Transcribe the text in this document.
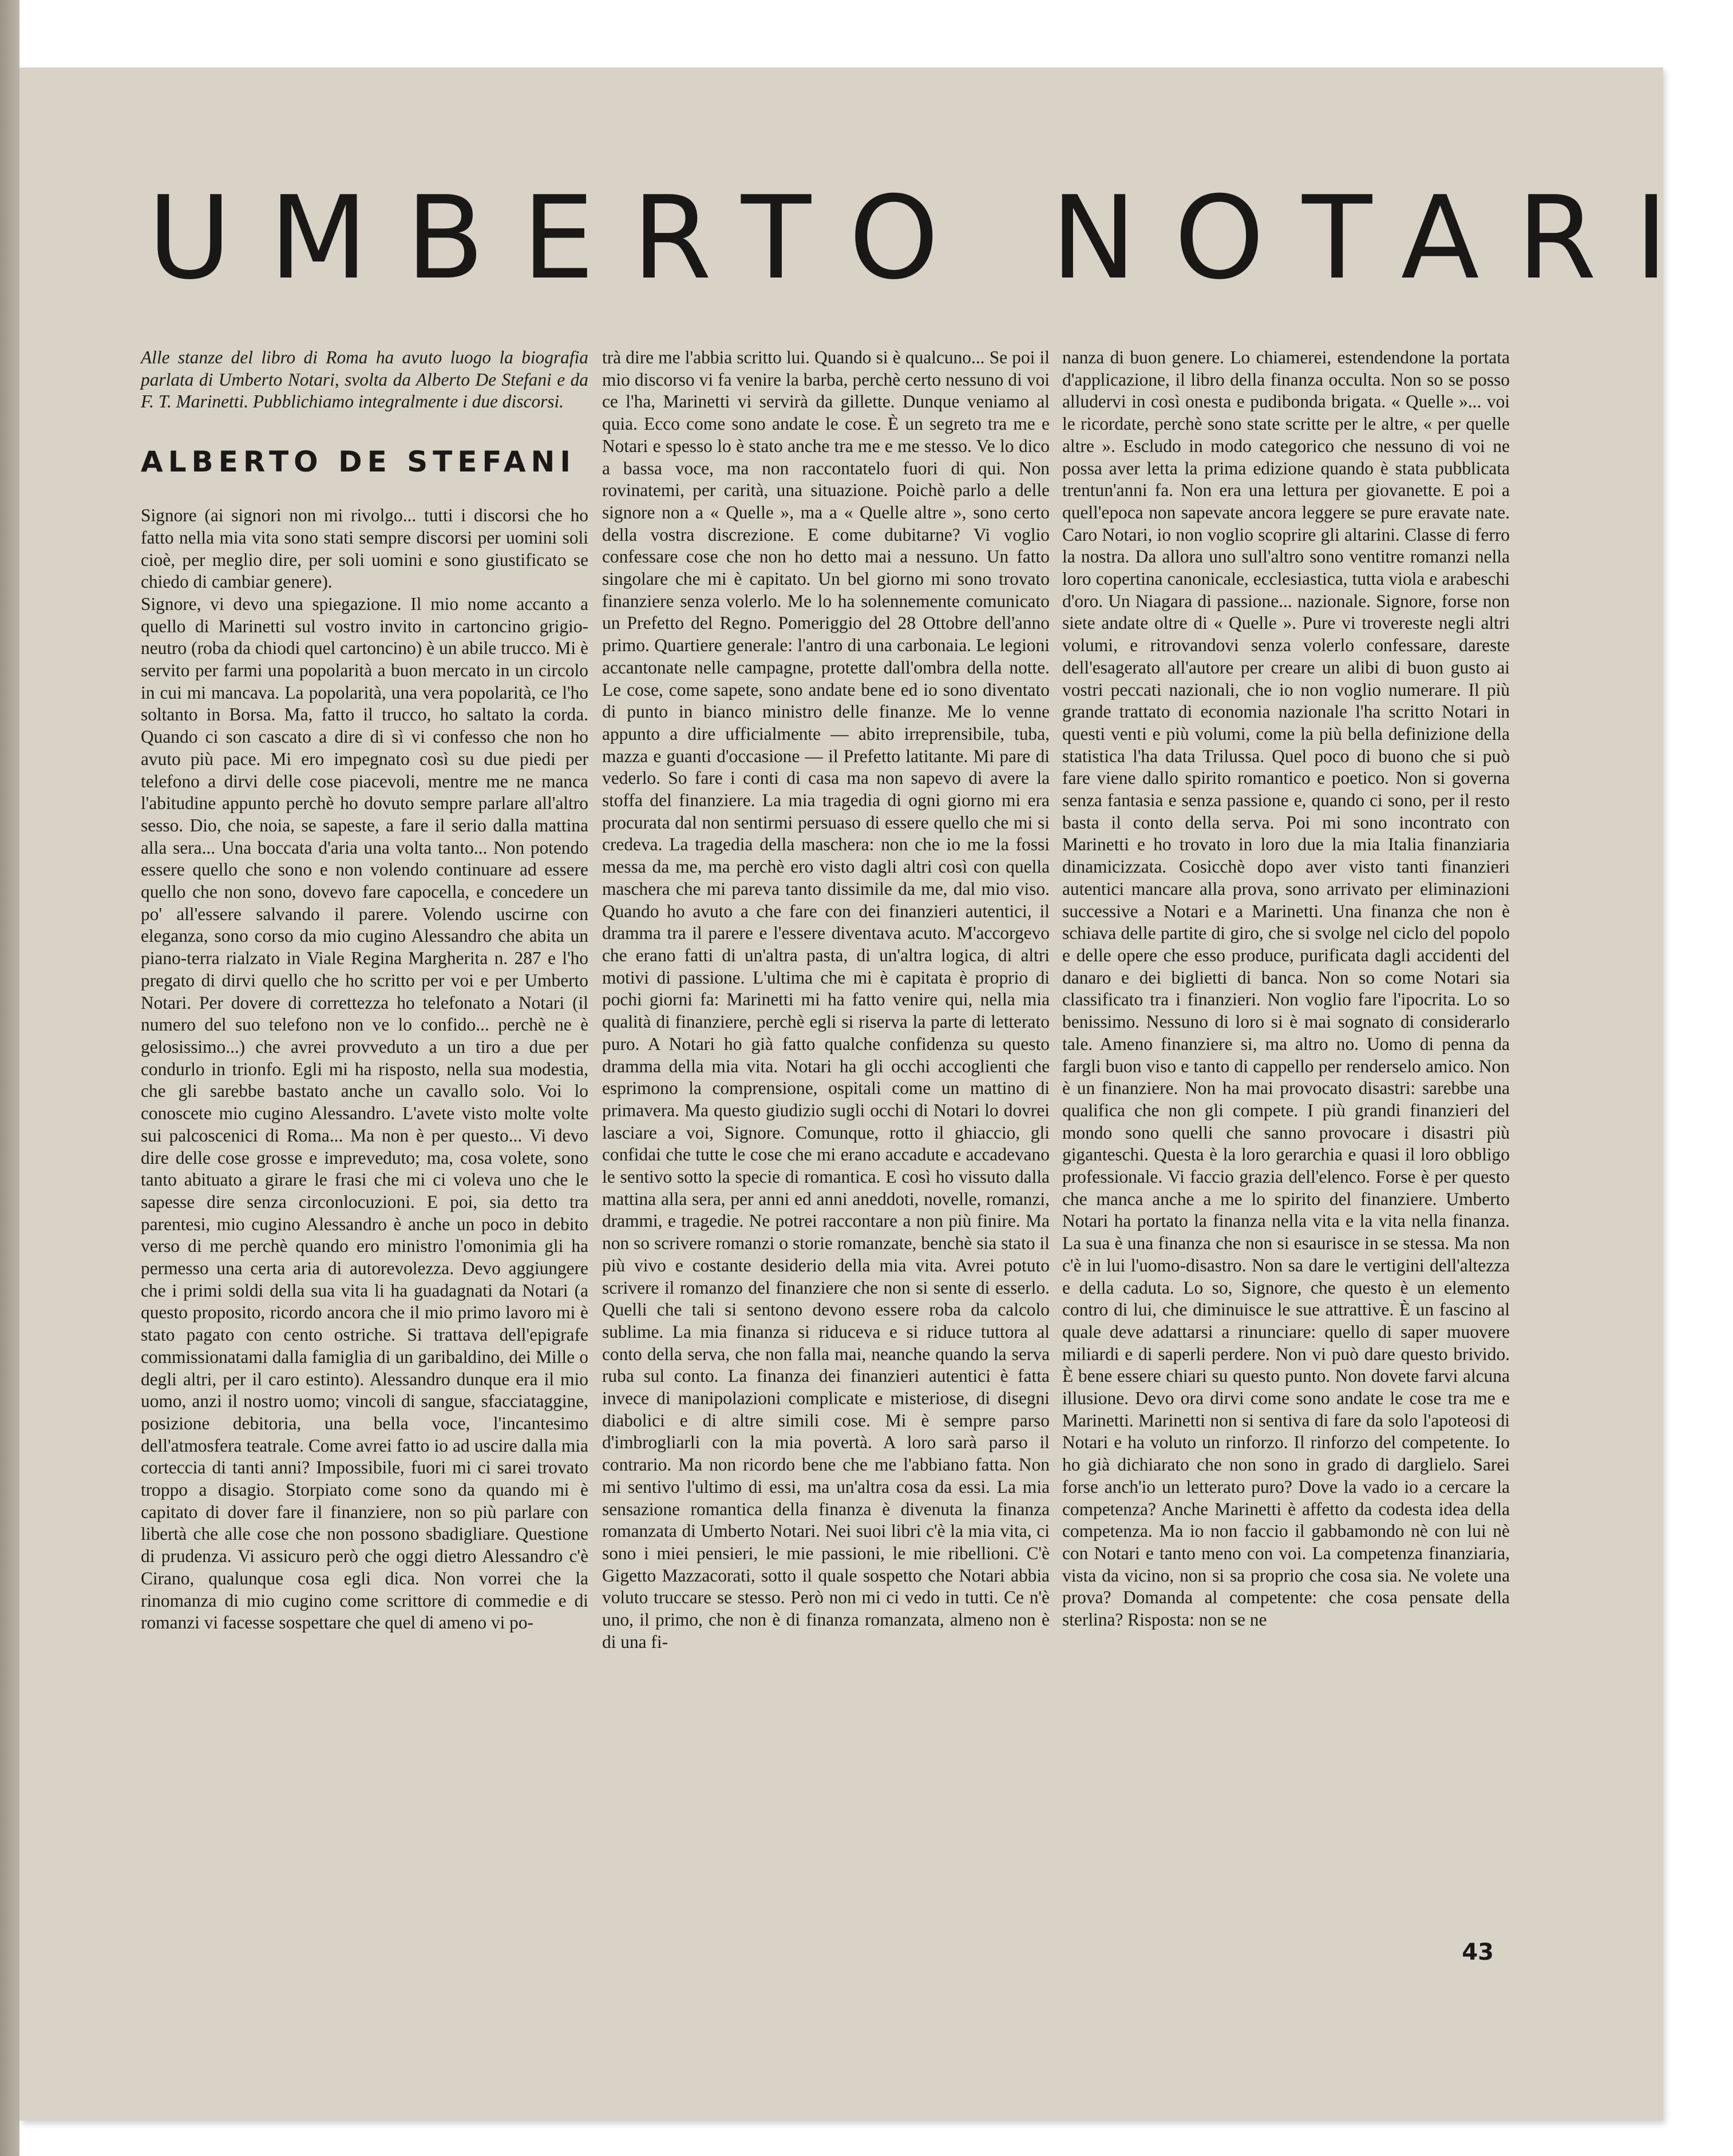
UMBERTO NOTARI

Alle stanze del libro di Roma ha avuto luogo la biografia parlata di Umberto Notari, svolta da Alberto De Stefani e da F. T. Marinetti. Pubblichiamo integralmente i due discorsi.

ALBERTO DE STEFANI

Signore (ai signori non mi rivolgo... tutti i discorsi che ho fatto nella mia vita sono stati sempre discorsi per uomini soli cioè, per meglio dire, per soli uomini e sono giustificato se chiedo di cambiar genere).

Signore, vi devo una spiegazione. Il mio nome accanto a quello di Marinetti sul vostro invito in cartoncino grigio-neutro (roba da chiodi quel cartoncino) è un abile trucco. Mi è servito per farmi una popolarità a buon mercato in un circolo in cui mi mancava. La popolarità, una vera popolarità, ce l'ho soltanto in Borsa. Ma, fatto il trucco, ho saltato la corda. Quando ci son cascato a dire di sì vi confesso che non ho avuto più pace. Mi ero impegnato così su due piedi per telefono a dirvi delle cose piacevoli, mentre me ne manca l'abitudine appunto perchè ho dovuto sempre parlare all'altro sesso. Dio, che noia, se sapeste, a fare il serio dalla mattina alla sera... Una boccata d'aria una volta tanto... Non potendo essere quello che sono e non volendo continuare ad essere quello che non sono, dovevo fare capocella, e concedere un po' all'essere salvando il parere. Volendo uscirne con eleganza, sono corso da mio cugino Alessandro che abita un piano-terra rialzato in Viale Regina Margherita n. 287 e l'ho pregato di dirvi quello che ho scritto per voi e per Umberto Notari. Per dovere di correttezza ho telefonato a Notari (il numero del suo telefono non ve lo confido... perchè ne è gelosissimo...) che avrei provveduto a un tiro a due per condurlo in trionfo. Egli mi ha risposto, nella sua modestia, che gli sarebbe bastato anche un cavallo solo. Voi lo conoscete mio cugino Alessandro. L'avete visto molte volte sui palcoscenici di Roma... Ma non è per questo... Vi devo dire delle cose grosse e impreveduto; ma, cosa volete, sono tanto abituato a girare le frasi che mi ci voleva uno che le sapesse dire senza circonlocuzioni. E poi, sia detto tra parentesi, mio cugino Alessandro è anche un poco in debito verso di me perchè quando ero ministro l'omonimia gli ha permesso una certa aria di autorevolezza. Devo aggiungere che i primi soldi della sua vita li ha guadagnati da Notari (a questo proposito, ricordo ancora che il mio primo lavoro mi è stato pagato con cento ostriche. Si trattava dell'epigrafe commissionatami dalla famiglia di un garibaldino, dei Mille o degli altri, per il caro estinto). Alessandro dunque era il mio uomo, anzi il nostro uomo; vincoli di sangue, sfacciataggine, posizione debitoria, una bella voce, l'incantesimo dell'atmosfera teatrale. Come avrei fatto io ad uscire dalla mia corteccia di tanti anni? Impossibile, fuori mi ci sarei trovato troppo a disagio. Storpiato come sono da quando mi è capitato di dover fare il finanziere, non so più parlare con libertà che alle cose che non possono sbadigliare. Questione di prudenza. Vi assicuro però che oggi dietro Alessandro c'è Cirano, qualunque cosa egli dica. Non vorrei che la rinomanza di mio cugino come scrittore di commedie e di romanzi vi facesse sospettare che quel di ameno vi po-

trà dire me l'abbia scritto lui. Quando si è qualcuno... Se poi il mio discorso vi fa venire la barba, perchè certo nessuno di voi ce l'ha, Marinetti vi servirà da gillette. Dunque veniamo al quia. Ecco come sono andate le cose. È un segreto tra me e Notari e spesso lo è stato anche tra me e me stesso. Ve lo dico a bassa voce, ma non raccontatelo fuori di qui. Non rovinatemi, per carità, una situazione. Poichè parlo a delle signore non a « Quelle », ma a « Quelle altre », sono certo della vostra discrezione. E come dubitarne? Vi voglio confessare cose che non ho detto mai a nessuno. Un fatto singolare che mi è capitato. Un bel giorno mi sono trovato finanziere senza volerlo. Me lo ha solennemente comunicato un Prefetto del Regno. Pomeriggio del 28 Ottobre dell'anno primo. Quartiere generale: l'antro di una carbonaia. Le legioni accantonate nelle campagne, protette dall'ombra della notte. Le cose, come sapete, sono andate bene ed io sono diventato di punto in bianco ministro delle finanze. Me lo venne appunto a dire ufficialmente — abito irreprensibile, tuba, mazza e guanti d'occasione — il Prefetto latitante. Mi pare di vederlo. So fare i conti di casa ma non sapevo di avere la stoffa del finanziere. La mia tragedia di ogni giorno mi era procurata dal non sentirmi persuaso di essere quello che mi si credeva. La tragedia della maschera: non che io me la fossi messa da me, ma perchè ero visto dagli altri così con quella maschera che mi pareva tanto dissimile da me, dal mio viso. Quando ho avuto a che fare con dei finanzieri autentici, il dramma tra il parere e l'essere diventava acuto. M'accorgevo che erano fatti di un'altra pasta, di un'altra logica, di altri motivi di passione. L'ultima che mi è capitata è proprio di pochi giorni fa: Marinetti mi ha fatto venire qui, nella mia qualità di finanziere, perchè egli si riserva la parte di letterato puro. A Notari ho già fatto qualche confidenza su questo dramma della mia vita. Notari ha gli occhi accoglienti che esprimono la comprensione, ospitali come un mattino di primavera. Ma questo giudizio sugli occhi di Notari lo dovrei lasciare a voi, Signore. Comunque, rotto il ghiaccio, gli confidai che tutte le cose che mi erano accadute e accadevano le sentivo sotto la specie di romantica. E così ho vissuto dalla mattina alla sera, per anni ed anni aneddoti, novelle, romanzi, drammi, e tragedie. Ne potrei raccontare a non più finire. Ma non so scrivere romanzi o storie romanzate, benchè sia stato il più vivo e costante desiderio della mia vita. Avrei potuto scrivere il romanzo del finanziere che non si sente di esserlo. Quelli che tali si sentono devono essere roba da calcolo sublime. La mia finanza si riduceva e si riduce tuttora al conto della serva, che non falla mai, neanche quando la serva ruba sul conto. La finanza dei finanzieri autentici è fatta invece di manipolazioni complicate e misteriose, di disegni diabolici e di altre simili cose. Mi è sempre parso d'imbrogliarli con la mia povertà. A loro sarà parso il contrario. Ma non ricordo bene che me l'abbiano fatta. Non mi sentivo l'ultimo di essi, ma un'altra cosa da essi. La mia sensazione romantica della finanza è divenuta la finanza romanzata di Umberto Notari. Nei suoi libri c'è la mia vita, ci sono i miei pensieri, le mie passioni, le mie ribellioni. C'è Gigetto Mazzacorati, sotto il quale sospetto che Notari abbia voluto truccare se stesso. Però non mi ci vedo in tutti. Ce n'è uno, il primo, che non è di finanza romanzata, almeno non è di una fi-

nanza di buon genere. Lo chiamerei, estendendone la portata d'applicazione, il libro della finanza occulta. Non so se posso alludervi in così onesta e pudibonda brigata. « Quelle »... voi le ricordate, perchè sono state scritte per le altre, « per quelle altre ». Escludo in modo categorico che nessuno di voi ne possa aver letta la prima edizione quando è stata pubblicata trentun'anni fa. Non era una lettura per giovanette. E poi a quell'epoca non sapevate ancora leggere se pure eravate nate. Caro Notari, io non voglio scoprire gli altarini. Classe di ferro la nostra. Da allora uno sull'altro sono ventitre romanzi nella loro copertina canonicale, ecclesiastica, tutta viola e arabeschi d'oro. Un Niagara di passione... nazionale. Signore, forse non siete andate oltre di « Quelle ». Pure vi trovereste negli altri volumi, e ritrovandovi senza volerlo confessare, dareste dell'esagerato all'autore per creare un alibi di buon gusto ai vostri peccati nazionali, che io non voglio numerare. Il più grande trattato di economia nazionale l'ha scritto Notari in questi venti e più volumi, come la più bella definizione della statistica l'ha data Trilussa. Quel poco di buono che si può fare viene dallo spirito romantico e poetico. Non si governa senza fantasia e senza passione e, quando ci sono, per il resto basta il conto della serva. Poi mi sono incontrato con Marinetti e ho trovato in loro due la mia Italia finanziaria dinamicizzata. Cosicchè dopo aver visto tanti finanzieri autentici mancare alla prova, sono arrivato per eliminazioni successive a Notari e a Marinetti. Una finanza che non è schiava delle partite di giro, che si svolge nel ciclo del popolo e delle opere che esso produce, purificata dagli accidenti del danaro e dei biglietti di banca. Non so come Notari sia classificato tra i finanzieri. Non voglio fare l'ipocrita. Lo so benissimo. Nessuno di loro si è mai sognato di considerarlo tale. Ameno finanziere si, ma altro no. Uomo di penna da fargli buon viso e tanto di cappello per renderselo amico. Non è un finanziere. Non ha mai provocato disastri: sarebbe una qualifica che non gli compete. I più grandi finanzieri del mondo sono quelli che sanno provocare i disastri più giganteschi. Questa è la loro gerarchia e quasi il loro obbligo professionale. Vi faccio grazia dell'elenco. Forse è per questo che manca anche a me lo spirito del finanziere. Umberto Notari ha portato la finanza nella vita e la vita nella finanza. La sua è una finanza che non si esaurisce in se stessa. Ma non c'è in lui l'uomo-disastro. Non sa dare le vertigini dell'altezza e della caduta. Lo so, Signore, che questo è un elemento contro di lui, che diminuisce le sue attrattive. È un fascino al quale deve adattarsi a rinunciare: quello di saper muovere miliardi e di saperli perdere. Non vi può dare questo brivido. È bene essere chiari su questo punto. Non dovete farvi alcuna illusione. Devo ora dirvi come sono andate le cose tra me e Marinetti. Marinetti non si sentiva di fare da solo l'apoteosi di Notari e ha voluto un rinforzo. Il rinforzo del competente. Io ho già dichiarato che non sono in grado di darglielo. Sarei forse anch'io un letterato puro? Dove la vado io a cercare la competenza? Anche Marinetti è affetto da codesta idea della competenza. Ma io non faccio il gabbamondo nè con lui nè con Notari e tanto meno con voi. La competenza finanziaria, vista da vicino, non si sa proprio che cosa sia. Ne volete una prova? Domanda al competente: che cosa pensate della sterlina? Risposta: non se ne

43
